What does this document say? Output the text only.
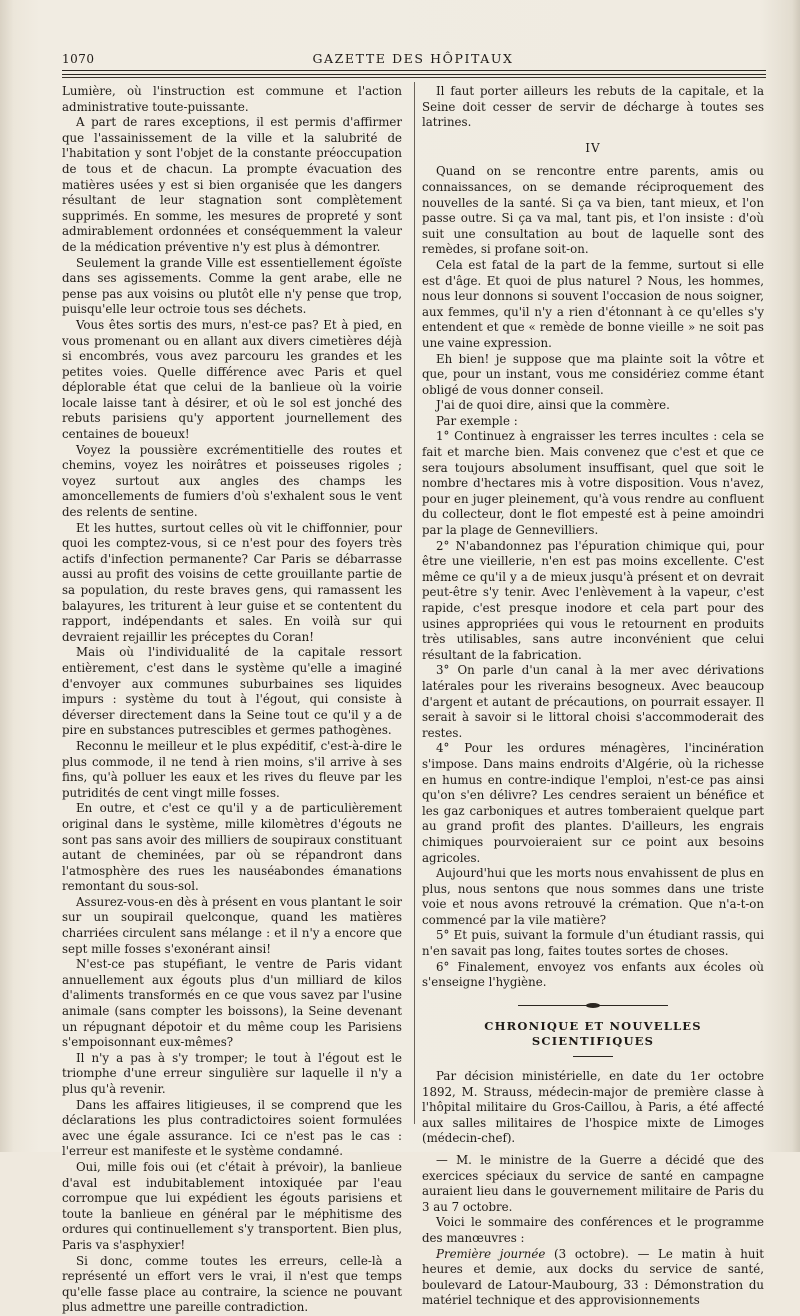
1070	GAZETTE DES HÔPITAUX

Lumière, où l'instruction est commune et l'action administrative toute-puissante.

A part de rares exceptions, il est permis d'affirmer que l'assainissement de la ville et la salubrité de l'habitation y sont l'objet de la constante préoccupation de tous et de chacun. La prompte évacuation des matières usées y est si bien organisée que les dangers résultant de leur stagnation sont complètement supprimés. En somme, les mesures de propreté y sont admirablement ordonnées et conséquemment la valeur de la médication préventive n'y est plus à démontrer.

Seulement la grande Ville est essentiellement égoïste dans ses agissements. Comme la gent arabe, elle ne pense pas aux voisins ou plutôt elle n'y pense que trop, puisqu'elle leur octroie tous ses déchets.

Vous êtes sortis des murs, n'est-ce pas? Et à pied, en vous promenant ou en allant aux divers cimetières déjà si encombrés, vous avez parcouru les grandes et les petites voies. Quelle différence avec Paris et quel déplorable état que celui de la banlieue où la voirie locale laisse tant à désirer, et où le sol est jonché des rebuts parisiens qu'y apportent journellement des centaines de boueux!

Voyez la poussière excrémentitielle des routes et chemins, voyez les noirâtres et poisseuses rigoles ; voyez surtout aux angles des champs les amoncellements de fumiers d'où s'exhalent sous le vent des relents de sentine.

Et les huttes, surtout celles où vit le chiffonnier, pour quoi les comptez-vous, si ce n'est pour des foyers très actifs d'infection permanente? Car Paris se débarrasse aussi au profit des voisins de cette grouillante partie de sa population, du reste braves gens, qui ramassent les balayures, les triturent à leur guise et se contentent du rapport, indépendants et sales. En voilà sur qui devraient rejaillir les préceptes du Coran!

Mais où l'individualité de la capitale ressort entièrement, c'est dans le système qu'elle a imaginé d'envoyer aux communes suburbaines ses liquides impurs : système du tout à l'égout, qui consiste à déverser directement dans la Seine tout ce qu'il y a de pire en substances putrescibles et germes pathogènes.

Reconnu le meilleur et le plus expéditif, c'est-à-dire le plus commode, il ne tend à rien moins, s'il arrive à ses fins, qu'à polluer les eaux et les rives du fleuve par les putridités de cent vingt mille fosses.

En outre, et c'est ce qu'il y a de particulièrement original dans le système, mille kilomètres d'égouts ne sont pas sans avoir des milliers de soupiraux constituant autant de cheminées, par où se répandront dans l'atmosphère des rues les nauséabondes émanations remontant du sous-sol.

Assurez-vous-en dès à présent en vous plantant le soir sur un soupirail quelconque, quand les matières charriées circulent sans mélange : et il n'y a encore que sept mille fosses s'exonérant ainsi!

N'est-ce pas stupéfiant, le ventre de Paris vidant annuellement aux égouts plus d'un milliard de kilos d'aliments transformés en ce que vous savez par l'usine animale (sans compter les boissons), la Seine devenant un répugnant dépotoir et du même coup les Parisiens s'empoisonnant eux-mêmes?

Il n'y a pas à s'y tromper; le tout à l'égout est le triomphe d'une erreur singulière sur laquelle il n'y a plus qu'à revenir.

Dans les affaires litigieuses, il se comprend que les déclarations les plus contradictoires soient formulées avec une égale assurance. Ici ce n'est pas le cas : l'erreur est manifeste et le système condamné.

Oui, mille fois oui (et c'était à prévoir), la banlieue d'aval est indubitablement intoxiquée par l'eau corrompue que lui expédient les égouts parisiens et toute la banlieue en général par le méphitisme des ordures qui continuellement s'y transportent. Bien plus, Paris va s'asphyxier!

Si donc, comme toutes les erreurs, celle-là a représenté un effort vers le vrai, il n'est que temps qu'elle fasse place au contraire, la science ne pouvant plus admettre une pareille contradiction.

Il faut porter ailleurs les rebuts de la capitale, et la Seine doit cesser de servir de décharge à toutes ses latrines.

IV

Quand on se rencontre entre parents, amis ou connaissances, on se demande réciproquement des nouvelles de la santé. Si ça va bien, tant mieux, et l'on passe outre. Si ça va mal, tant pis, et l'on insiste : d'où suit une consultation au bout de laquelle sont des remèdes, si profane soit-on.

Cela est fatal de la part de la femme, surtout si elle est d'âge. Et quoi de plus naturel ? Nous, les hommes, nous leur donnons si souvent l'occasion de nous soigner, aux femmes, qu'il n'y a rien d'étonnant à ce qu'elles s'y entendent et que « remède de bonne vieille » ne soit pas une vaine expression.

Eh bien! je suppose que ma plainte soit la vôtre et que, pour un instant, vous me considériez comme étant obligé de vous donner conseil.

J'ai de quoi dire, ainsi que la commère.

Par exemple :

1° Continuez à engraisser les terres incultes : cela se fait et marche bien. Mais convenez que c'est et que ce sera toujours absolument insuffisant, quel que soit le nombre d'hectares mis à votre disposition. Vous n'avez, pour en juger pleinement, qu'à vous rendre au confluent du collecteur, dont le flot empesté est à peine amoindri par la plage de Gennevilliers.

2° N'abandonnez pas l'épuration chimique qui, pour être une vieillerie, n'en est pas moins excellente. C'est même ce qu'il y a de mieux jusqu'à présent et on devrait peut-être s'y tenir. Avec l'enlèvement à la vapeur, c'est rapide, c'est presque inodore et cela part pour des usines appropriées qui vous le retournent en produits très utilisables, sans autre inconvénient que celui résultant de la fabrication.

3° On parle d'un canal à la mer avec dérivations latérales pour les riverains besogneux. Avec beaucoup d'argent et autant de précautions, on pourrait essayer. Il serait à savoir si le littoral choisi s'accommoderait des restes.

4° Pour les ordures ménagères, l'incinération s'impose. Dans mains endroits d'Algérie, où la richesse en humus en contre-indique l'emploi, n'est-ce pas ainsi qu'on s'en délivre? Les cendres seraient un bénéfice et les gaz carboniques et autres tomberaient quelque part au grand profit des plantes. D'ailleurs, les engrais chimiques pourvoieraient sur ce point aux besoins agricoles.

Aujourd'hui que les morts nous envahissent de plus en plus, nous sentons que nous sommes dans une triste voie et nous avons retrouvé la crémation. Que n'a-t-on commencé par la vile matière?

5° Et puis, suivant la formule d'un étudiant rassis, qui n'en savait pas long, faites toutes sortes de choses.

6° Finalement, envoyez vos enfants aux écoles où s'enseigne l'hygiène.

CHRONIQUE ET NOUVELLES SCIENTIFIQUES

Par décision ministérielle, en date du 1er octobre 1892, M. Strauss, médecin-major de première classe à l'hôpital militaire du Gros-Caillou, à Paris, a été affecté aux salles militaires de l'hospice mixte de Limoges (médecin-chef).

— M. le ministre de la Guerre a décidé que des exercices spéciaux du service de santé en campagne auraient lieu dans le gouvernement militaire de Paris du 3 au 7 octobre.

Voici le sommaire des conférences et le programme des manœuvres :

Première journée (3 octobre). — Le matin à huit heures et demie, aux docks du service de santé, boulevard de Latour-Maubourg, 33 : Démonstration du matériel technique et des approvisionnements
